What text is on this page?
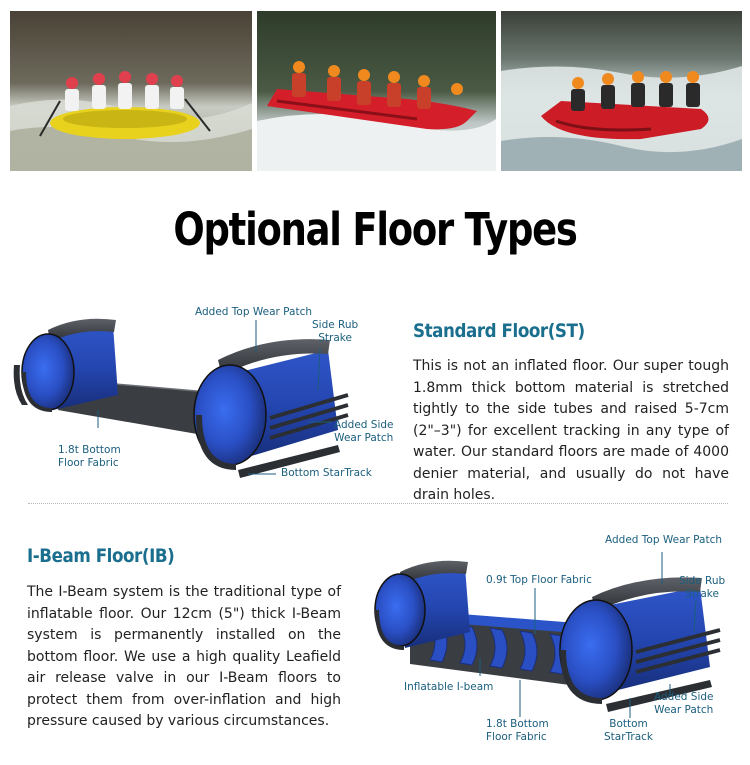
Optional Floor Types
Added Top Wear Patch
Side Rub
Strake
Added Side
Wear Patch
1.8t Bottom
Floor Fabric
Bottom StarTrack
Standard Floor(ST)

This is not an inflated floor. Our super tough 1.8mm thick bottom material is stretched tightly to the side tubes and raised 5-7cm (2"–3") for excellent tracking in any type of water. Our standard floors are made of 4000 denier material, and usually do not have drain holes.

I-Beam Floor(IB)

The I-Beam system is the traditional type of inflatable floor. Our 12cm (5") thick I-Beam system is permanently installed on the bottom floor. We use a high quality Leafield air release valve in our I-Beam floors to protect them from over-inflation and high pressure caused by various circumstances.

Added Top Wear Patch
0.9t Top Floor Fabric	Side Rub
Strake
Inflatable I-beam
Added Side
Wear Patch
1.8t Bottom
Floor Fabric
Bottom
StarTrack
